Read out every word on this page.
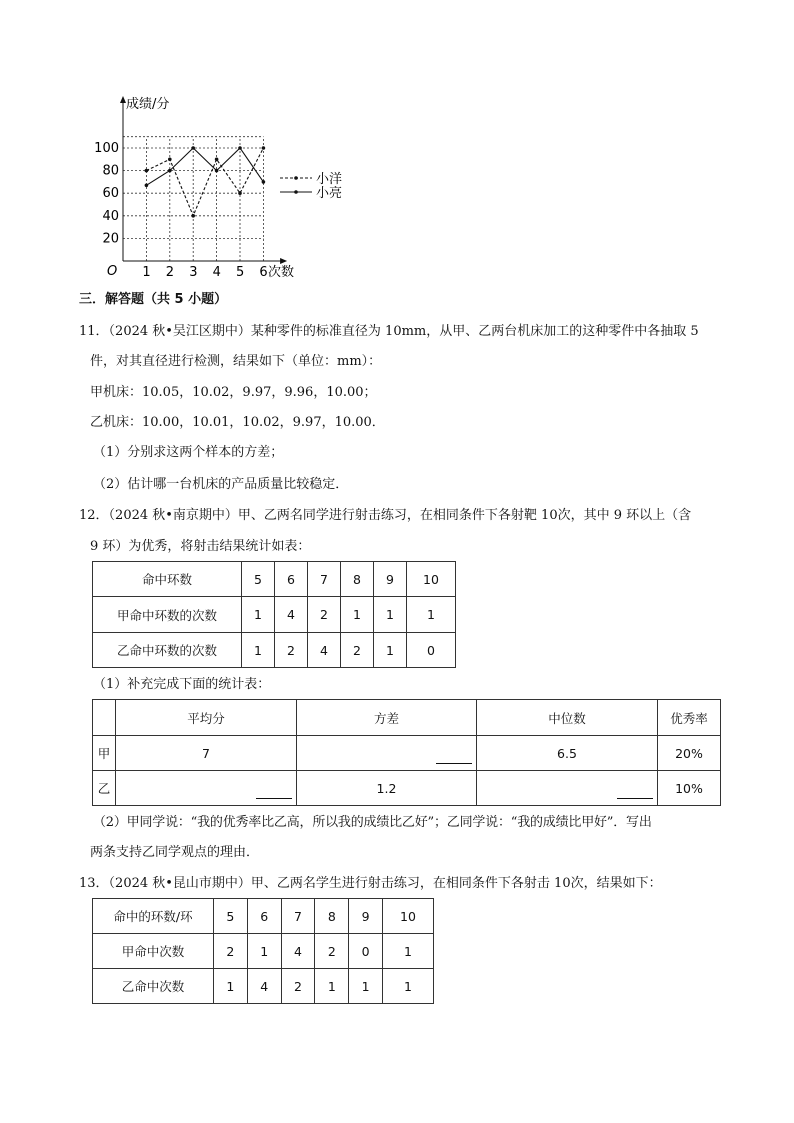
成绩/分
次数
O 1 2 3 4 5 6
20
40
60
80
100
小洋
小亮
三．解答题（共 5 小题）
11．（2024 秋•吴江区期中）某种零件的标准直径为 10mm，从甲、乙两台机床加工的这种零件中各抽取 5
件，对其直径进行检测，结果如下（单位：mm）：
甲机床：10.05，10.02，9.97，9.96，10.00；
乙机床：10.00，10.01，10.02，9.97，10.00．
（1）分别求这两个样本的方差；
（2）估计哪一台机床的产品质量比较稳定．
12．（2024 秋•南京期中）甲、乙两名同学进行射击练习，在相同条件下各射靶 10次，其中 9 环以上（含
9 环）为优秀，将射击结果统计如表：
命中环数	5	6	7	8	9	10
甲命中环数的次数	1	4	2	1	1	1
乙命中环数的次数	1	2	4	2	1	0
（1）补充完成下面的统计表：
	平均分	方差	中位数	优秀率
甲	7		6.5	20%
乙		1.2		10%
（2）甲同学说：“我的优秀率比乙高，所以我的成绩比乙好”；乙同学说：“我的成绩比甲好”．写出
两条支持乙同学观点的理由．
13．（2024 秋•昆山市期中）甲、乙两名学生进行射击练习，在相同条件下各射击 10次，结果如下：
命中的环数/环	5	6	7	8	9	10
甲命中次数	2	1	4	2	0	1
乙命中次数	1	4	2	1	1	1
